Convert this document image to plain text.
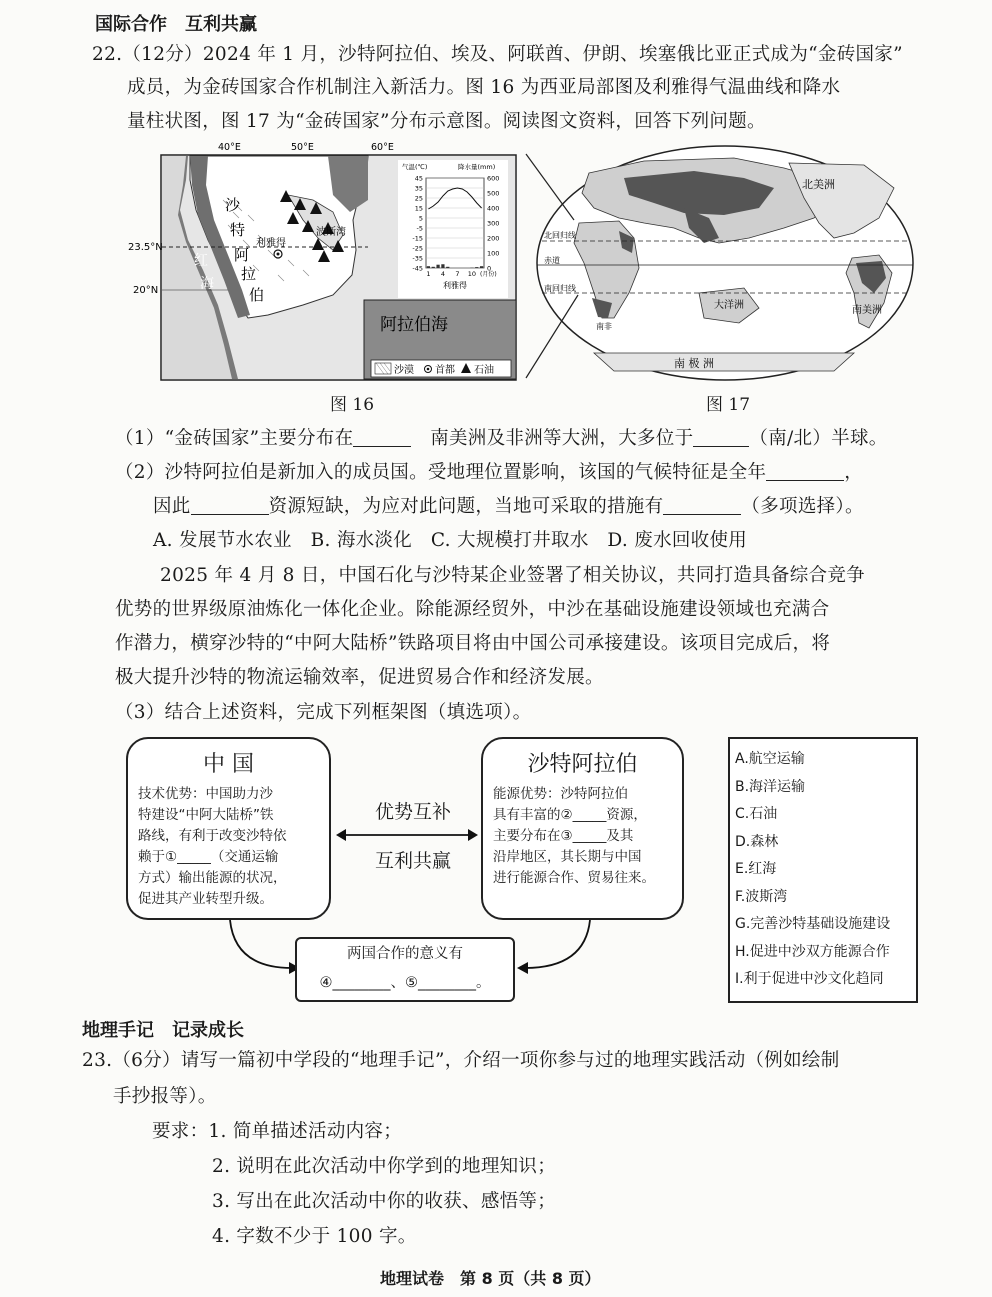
国际合作　互利共赢
22.（12分）2024 年 1 月，沙特阿拉伯、埃及、阿联酋、伊朗、埃塞俄比亚正式成为“金砖国家”
成员，为金砖国家合作机制注入新活力。图 16 为西亚局部图及利雅得气温曲线和降水
量柱状图，图 17 为“金砖国家”分布示意图。阅读图文资料，回答下列问题。
40°E	50°E	60°E
23.5°N
20°N
沙
特
阿
拉
伯
红
海
利雅得
波斯湾
阿拉伯海
沙漠 首都 石油
45
35
25
15
5
-5
-15
-25
-35
-45
600
500
400
300
200
100
0
气温(℃)	降水量(mm)
1 4 7 10 (月份)
利雅得
北回归线
赤道
南回归线
北美洲
南美洲
大洋洲
南非
南 极 洲
图 16	图 17
（1）“金砖国家”主要分布在　	南美洲及非洲等大洲，大多位于	（南/北）半球。
（2）沙特阿拉伯是新加入的成员国。受地理位置影响，该国的气候特征是全年	，
因此	资源短缺，为应对此问题，当地可采取的措施有	（多项选择）。
A. 发展节水农业　B. 海水淡化　C. 大规模打井取水　D. 废水回收使用
2025 年 4 月 8 日，中国石化与沙特某企业签署了相关协议，共同打造具备综合竞争
优势的世界级原油炼化一体化企业。除能源经贸外，中沙在基础设施建设领域也充满合
作潜力，横穿沙特的“中阿大陆桥”铁路项目将由中国公司承接建设。该项目完成后，将
极大提升沙特的物流运输效率，促进贸易合作和经济发展。
（3）结合上述资料，完成下列框架图（填选项）。
中 国
技术优势：中国助力沙
特建设“中阿大陆桥”铁
路线，有利于改变沙特依
赖于①_____（交通运输
方式）输出能源的状况，
促进其产业转型升级。
优势互补
互利共赢
沙特阿拉伯
能源优势：沙特阿拉伯
具有丰富的②_____资源，
主要分布在③_____及其
沿岸地区，其长期与中国
进行能源合作、贸易往来。
两国合作的意义有
④________、⑤________。
A.航空运输
B.海洋运输
C.石油
D.森林
E.红海
F.波斯湾
G.完善沙特基础设施建设
H.促进中沙双方能源合作
I.利于促进中沙文化趋同
地理手记　记录成长
23.（6分）请写一篇初中学段的“地理手记”，介绍一项你参与过的地理实践活动（例如绘制
手抄报等）。
要求：1. 简单描述活动内容；
2. 说明在此次活动中你学到的地理知识；
3. 写出在此次活动中你的收获、感悟等；
4. 字数不少于 100 字。
地理试卷　第 8 页（共 8 页）
